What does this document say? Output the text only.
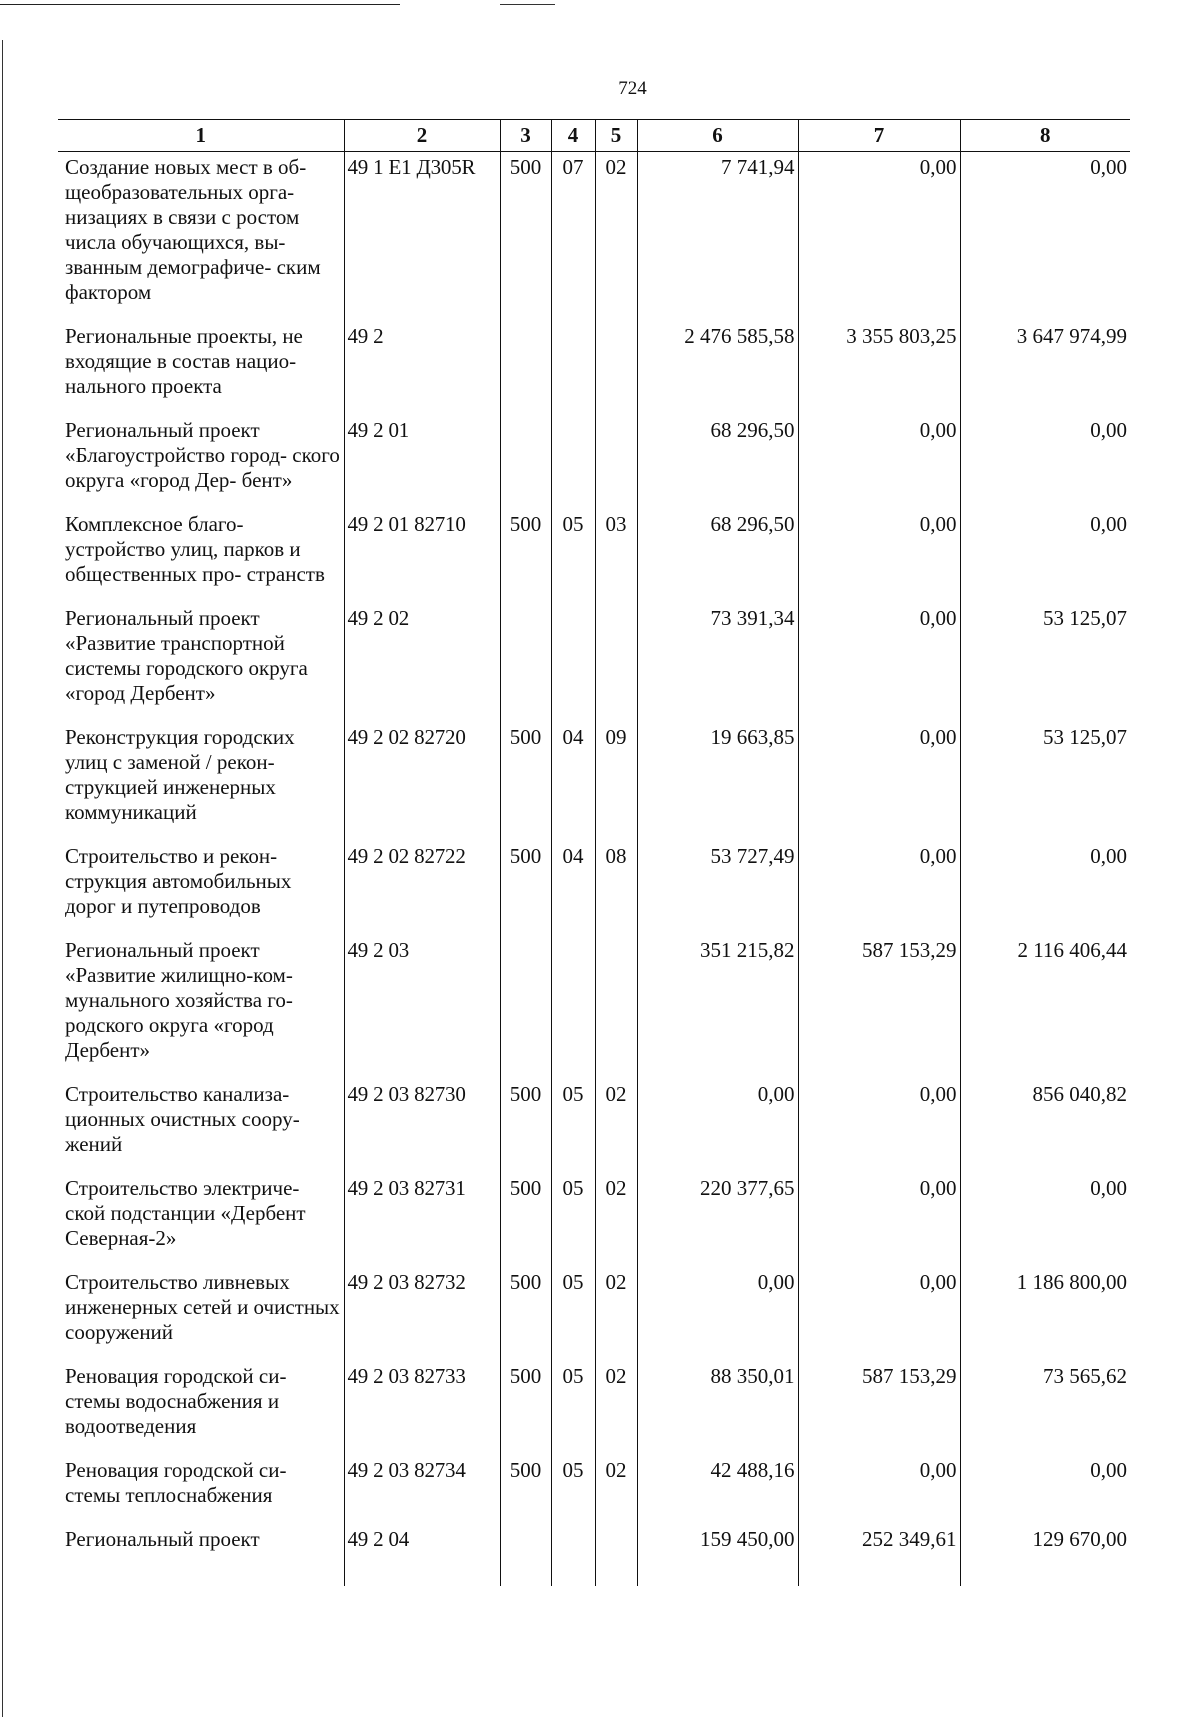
724
1	2	3	4	5	6	7	8
Создание новых мест в об- щеобразовательных орга- низациях в связи с ростом числа обучающихся, вы- званным демографиче- ским фактором	49 1 E1 Д305R	500	07	02	7 741,94	0,00	0,00
Региональные проекты, не входящие в состав нацио- нального проекта	49 2				2 476 585,58	3 355 803,25	3 647 974,99
Региональный проект «Благоустройство город- ского округа «город Дер- бент»	49 2 01				68 296,50	0,00	0,00
Комплексное благо- устройство улиц, парков и общественных про- странств	49 2 01 82710	500	05	03	68 296,50	0,00	0,00
Региональный проект «Развитие транспортной системы городского округа «город Дербент»	49 2 02				73 391,34	0,00	53 125,07
Реконструкция городских улиц с заменой / рекон- струкцией инженерных коммуникаций	49 2 02 82720	500	04	09	19 663,85	0,00	53 125,07
Строительство и рекон- струкция автомобильных дорог и путепроводов	49 2 02 82722	500	04	08	53 727,49	0,00	0,00
Региональный проект «Развитие жилищно-ком- мунального хозяйства го- родского округа «город Дербент»	49 2 03				351 215,82	587 153,29	2 116 406,44
Строительство канализа- ционных очистных соору- жений	49 2 03 82730	500	05	02	0,00	0,00	856 040,82
Строительство электриче- ской подстанции «Дербент Северная-2»	49 2 03 82731	500	05	02	220 377,65	0,00	0,00
Строительство ливневых инженерных сетей и очистных сооружений	49 2 03 82732	500	05	02	0,00	0,00	1 186 800,00
Реновация городской си- стемы водоснабжения и водоотведения	49 2 03 82733	500	05	02	88 350,01	587 153,29	73 565,62
Реновация городской си- стемы теплоснабжения	49 2 03 82734	500	05	02	42 488,16	0,00	0,00
Региональный проект	49 2 04				159 450,00	252 349,61	129 670,00
